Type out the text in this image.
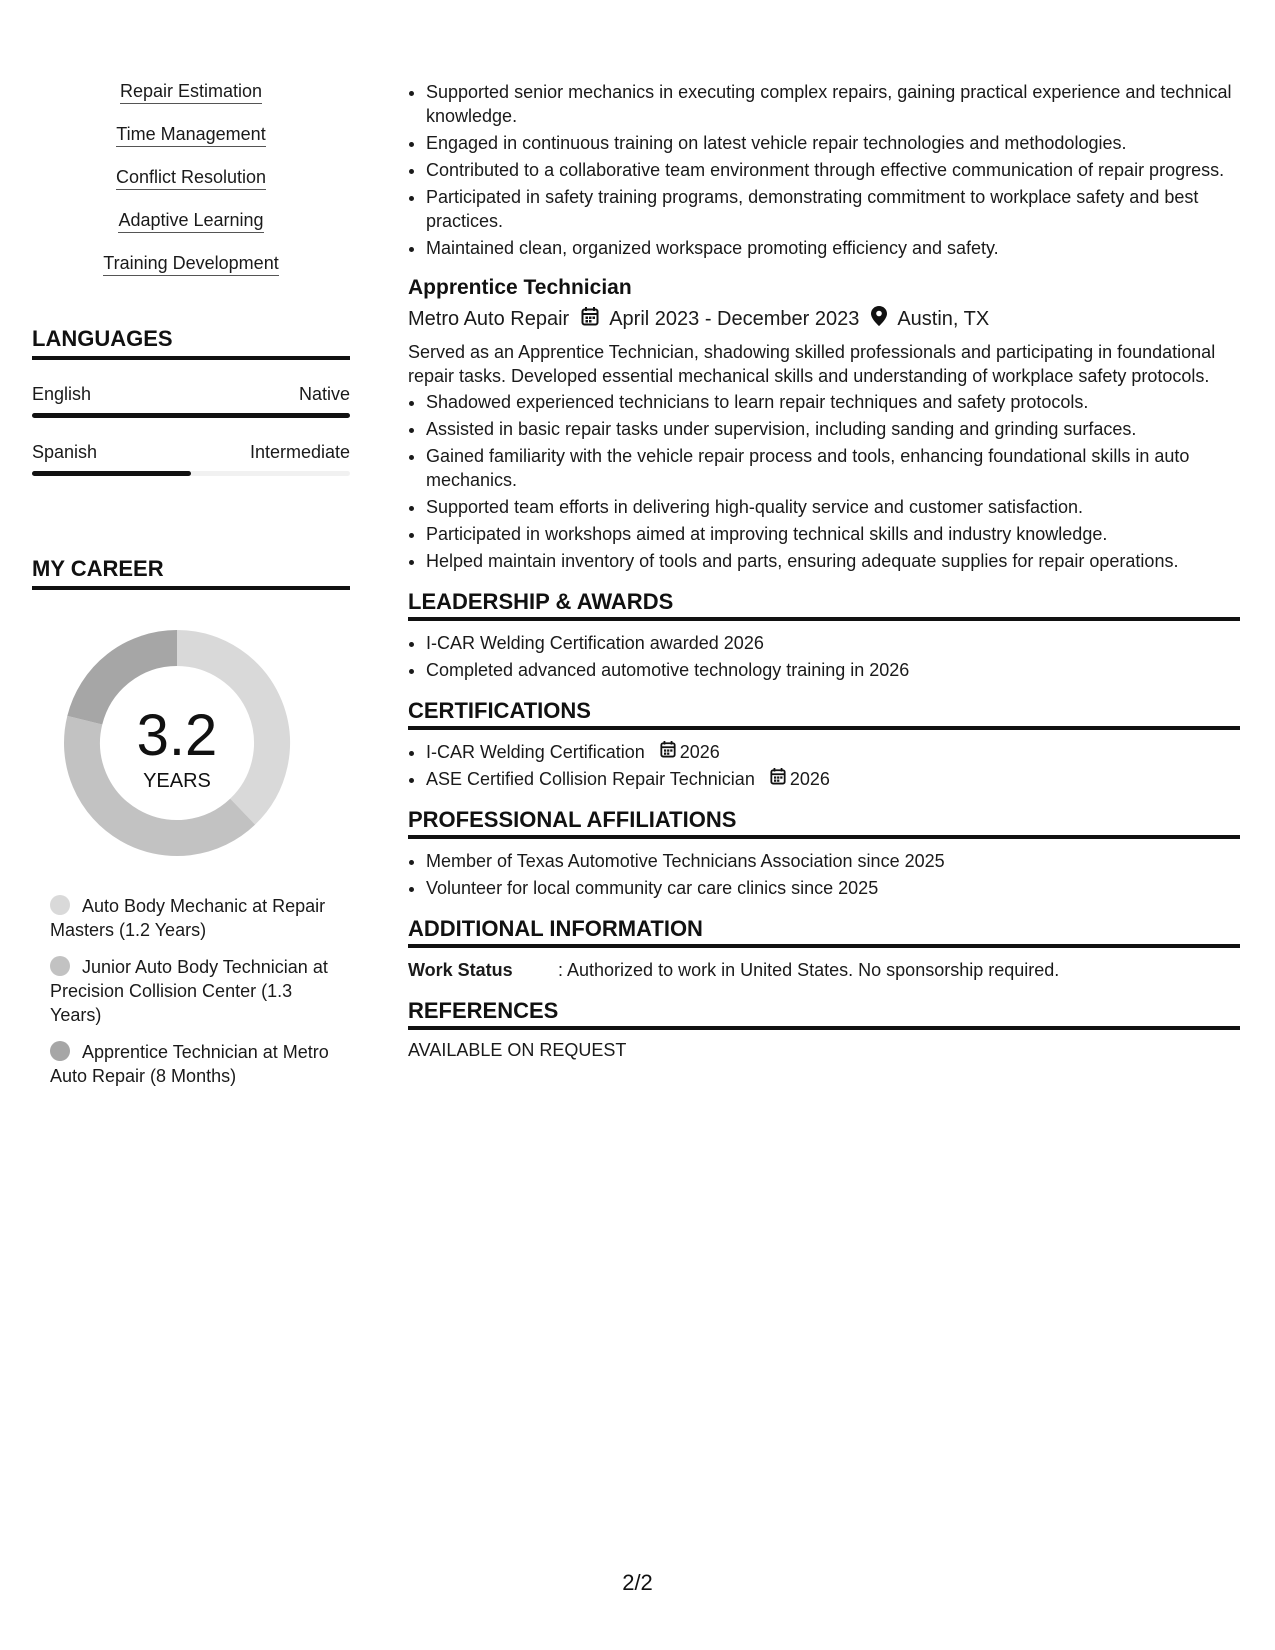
Repair Estimation
Time Management
Conflict Resolution
Adaptive Learning
Training Development
LANGUAGES
English	Native
Spanish	Intermediate
MY CAREER
3.2
YEARS
Auto Body Mechanic at Repair Masters (1.2 Years)
Junior Auto Body Technician at Precision Collision Center (1.3 Years)
Apprentice Technician at Metro Auto Repair (8 Months)
• Supported senior mechanics in executing complex repairs, gaining practical experience and technical knowledge.
• Engaged in continuous training on latest vehicle repair technologies and methodologies.
• Contributed to a collaborative team environment through effective communication of repair progress.
• Participated in safety training programs, demonstrating commitment to workplace safety and best practices.
• Maintained clean, organized workspace promoting efficiency and safety.
Apprentice Technician
Metro Auto Repair April 2023 - December 2023 Austin, TX
Served as an Apprentice Technician, shadowing skilled professionals and participating in foundational repair tasks. Developed essential mechanical skills and understanding of workplace safety protocols.
• Shadowed experienced technicians to learn repair techniques and safety protocols.
• Assisted in basic repair tasks under supervision, including sanding and grinding surfaces.
• Gained familiarity with the vehicle repair process and tools, enhancing foundational skills in auto mechanics.
• Supported team efforts in delivering high-quality service and customer satisfaction.
• Participated in workshops aimed at improving technical skills and industry knowledge.
• Helped maintain inventory of tools and parts, ensuring adequate supplies for repair operations.
LEADERSHIP & AWARDS
• I-CAR Welding Certification awarded 2026
• Completed advanced automotive technology training in 2026
CERTIFICATIONS
• I-CAR Welding Certification 2026
• ASE Certified Collision Repair Technician 2026
PROFESSIONAL AFFILIATIONS
• Member of Texas Automotive Technicians Association since 2025
• Volunteer for local community car care clinics since 2025
ADDITIONAL INFORMATION
Work Status	: Authorized to work in United States. No sponsorship required.
REFERENCES
AVAILABLE ON REQUEST
2/2
